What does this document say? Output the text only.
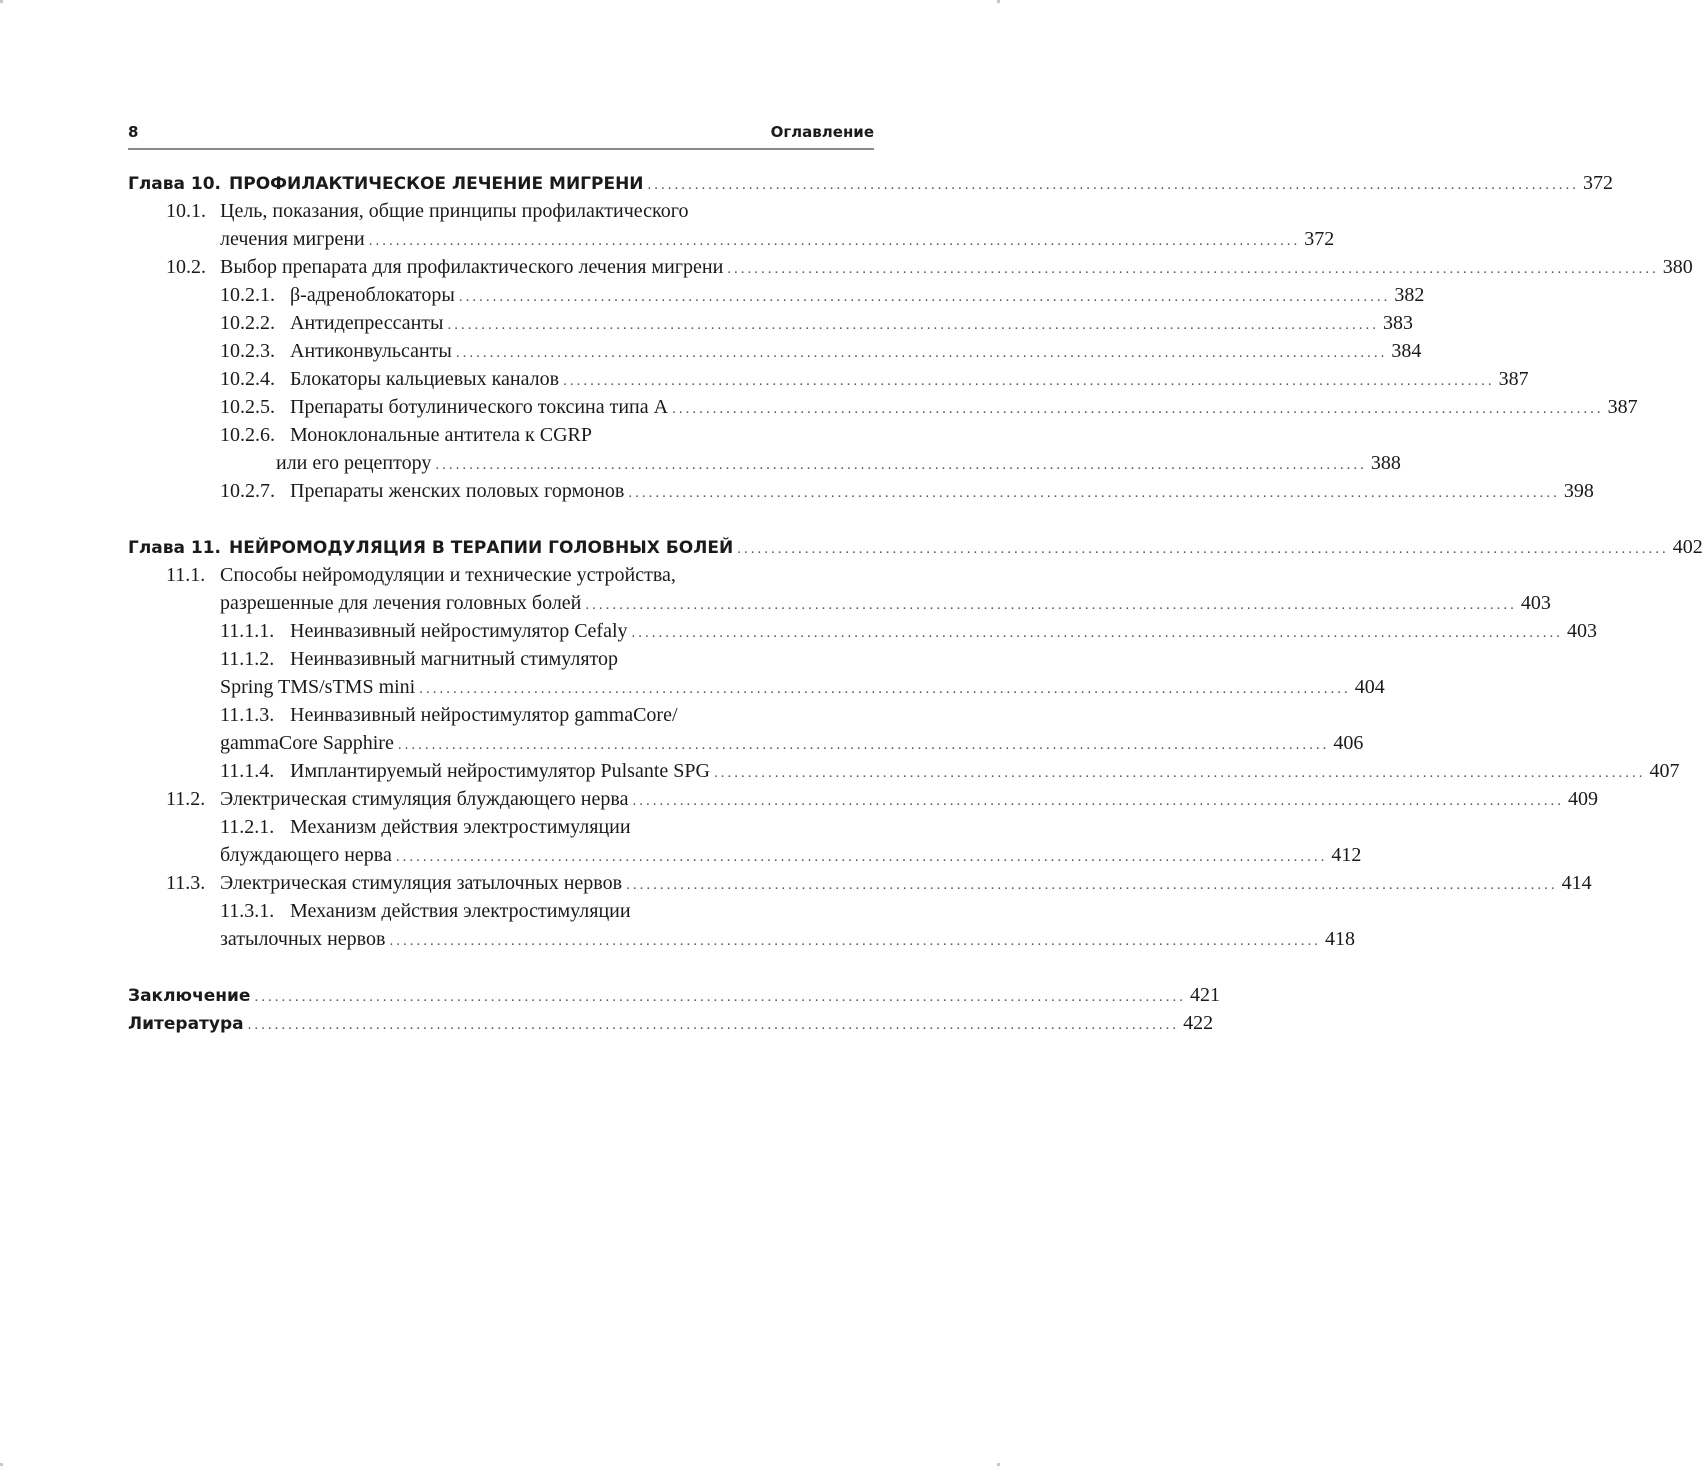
8	Оглавление
Глава 10. ПРОФИЛАКТИЧЕСКОЕ ЛЕЧЕНИЕ МИГРЕНИ .......................................................................................................................................... 372
10.1. Цель, показания, общие принципы профилактического
лечения мигрени .......................................................................................................................................... 372
10.2. Выбор препарата для профилактического лечения мигрени .......................................................................................................................................... 380
10.2.1. β-адреноблокаторы .......................................................................................................................................... 382
10.2.2. Антидепрессанты .......................................................................................................................................... 383
10.2.3. Антиконвульсанты .......................................................................................................................................... 384
10.2.4. Блокаторы кальциевых каналов .......................................................................................................................................... 387
10.2.5. Препараты ботулинического токсина типа А .......................................................................................................................................... 387
10.2.6. Моноклональные антитела к CGRP
или его рецептору .......................................................................................................................................... 388
10.2.7. Препараты женских половых гормонов .......................................................................................................................................... 398
Глава 11. НЕЙРОМОДУЛЯЦИЯ В ТЕРАПИИ ГОЛОВНЫХ БОЛЕЙ .......................................................................................................................................... 402
11.1. Способы нейромодуляции и технические устройства,
разрешенные для лечения головных болей .......................................................................................................................................... 403
11.1.1. Неинвазивный нейростимулятор Cefaly .......................................................................................................................................... 403
11.1.2. Неинвазивный магнитный стимулятор
Spring TMS/sTMS mini .......................................................................................................................................... 404
11.1.3. Неинвазивный нейростимулятор gammaCore/
gammaCore Sapphire .......................................................................................................................................... 406
11.1.4. Имплантируемый нейростимулятор Pulsante SPG .......................................................................................................................................... 407
11.2. Электрическая стимуляция блуждающего нерва .......................................................................................................................................... 409
11.2.1. Механизм действия электростимуляции
блуждающего нерва .......................................................................................................................................... 412
11.3. Электрическая стимуляция затылочных нервов .......................................................................................................................................... 414
11.3.1. Механизм действия электростимуляции
затылочных нервов .......................................................................................................................................... 418
Заключение .......................................................................................................................................... 421
Литература .......................................................................................................................................... 422
